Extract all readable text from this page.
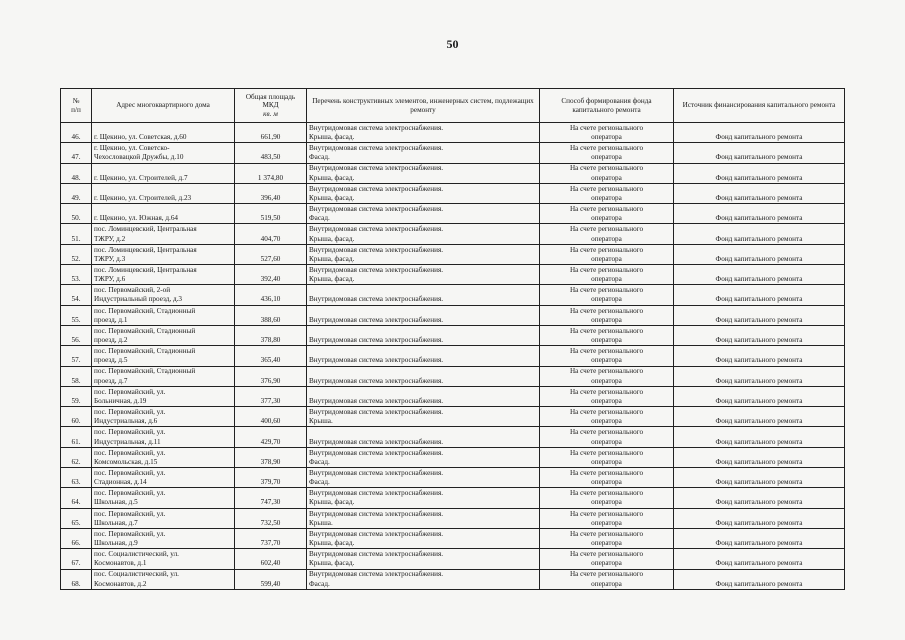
50
№
п/п	Адрес многоквартирного дома	Общая площадь МКД
кв. м	Перечень конструктивных элементов, инженерных систем, подлежащих ремонту	Способ формирования фонда капитального ремонта	Источник финансирования капитального ремонта
46.	г. Щекино, ул. Советская, д.60	661,90	Внутридомовая система электроснабжения.
Крыша, фасад.	На счете регионального
оператора	Фонд капитального ремонта
47.	г. Щекино, ул. Советско-
Чехословацкой Дружбы, д.10	483,50	Внутридомовая система электроснабжения.
Фасад.	На счете регионального
оператора	Фонд капитального ремонта
48.	г. Щекино, ул. Строителей, д.7	1 374,80	Внутридомовая система электроснабжения.
Крыша, фасад.	На счете регионального
оператора	Фонд капитального ремонта
49.	г. Щекино, ул. Строителей, д.23	396,40	Внутридомовая система электроснабжения.
Крыша, фасад.	На счете регионального
оператора	Фонд капитального ремонта
50.	г. Щекино, ул. Южная, д.64	519,50	Внутридомовая система электроснабжения.
Фасад.	На счете регионального
оператора	Фонд капитального ремонта
51.	пос. Ломинцевский, Центральная
ТЖРУ, д.2	404,70	Внутридомовая система электроснабжения.
Крыша, фасад.	На счете регионального
оператора	Фонд капитального ремонта
52.	пос. Ломинцевский, Центральная
ТЖРУ, д.3	527,60	Внутридомовая система электроснабжения.
Крыша, фасад.	На счете регионального
оператора	Фонд капитального ремонта
53.	пос. Ломинцевский, Центральная
ТЖРУ, д.6	392,40	Внутридомовая система электроснабжения.
Крыша, фасад.	На счете регионального
оператора	Фонд капитального ремонта
54.	пос. Первомайский, 2-ой
Индустриальный проезд, д.3	436,10	Внутридомовая система электроснабжения.	На счете регионального
оператора	Фонд капитального ремонта
55.	пос. Первомайский, Стадионный
проезд, д.1	388,60	Внутридомовая система электроснабжения.	На счете регионального
оператора	Фонд капитального ремонта
56.	пос. Первомайский, Стадионный
проезд, д.2	378,80	Внутридомовая система электроснабжения.	На счете регионального
оператора	Фонд капитального ремонта
57.	пос. Первомайский, Стадионный
проезд, д.5	365,40	Внутридомовая система электроснабжения.	На счете регионального
оператора	Фонд капитального ремонта
58.	пос. Первомайский, Стадионный
проезд, д.7	376,90	Внутридомовая система электроснабжения.	На счете регионального
оператора	Фонд капитального ремонта
59.	пос. Первомайский, ул.
Больничная, д.19	377,30	Внутридомовая система электроснабжения.	На счете регионального
оператора	Фонд капитального ремонта
60.	пос. Первомайский, ул.
Индустриальная, д.6	400,60	Внутридомовая система электроснабжения.
Крыша.	На счете регионального
оператора	Фонд капитального ремонта
61.	пос. Первомайский, ул.
Индустриальная, д.11	429,70	Внутридомовая система электроснабжения.	На счете регионального
оператора	Фонд капитального ремонта
62.	пос. Первомайский, ул.
Комсомольская, д.15	378,90	Внутридомовая система электроснабжения.
Фасад.	На счете регионального
оператора	Фонд капитального ремонта
63.	пос. Первомайский, ул.
Стадионная, д.14	379,70	Внутридомовая система электроснабжения.
Фасад.	На счете регионального
оператора	Фонд капитального ремонта
64.	пос. Первомайский, ул.
Школьная, д.5	747,30	Внутридомовая система электроснабжения.
Крыша, фасад.	На счете регионального
оператора	Фонд капитального ремонта
65.	пос. Первомайский, ул.
Школьная, д.7	732,50	Внутридомовая система электроснабжения.
Крыша.	На счете регионального
оператора	Фонд капитального ремонта
66.	пос. Первомайский, ул.
Школьная, д.9	737,70	Внутридомовая система электроснабжения.
Крыша, фасад.	На счете регионального
оператора	Фонд капитального ремонта
67.	пос. Социалистический, ул.
Космонавтов, д.1	602,40	Внутридомовая система электроснабжения.
Крыша, фасад.	На счете регионального
оператора	Фонд капитального ремонта
68.	пос. Социалистический, ул.
Космонавтов, д.2	599,40	Внутридомовая система электроснабжения.
Фасад.	На счете регионального
оператора	Фонд капитального ремонта
